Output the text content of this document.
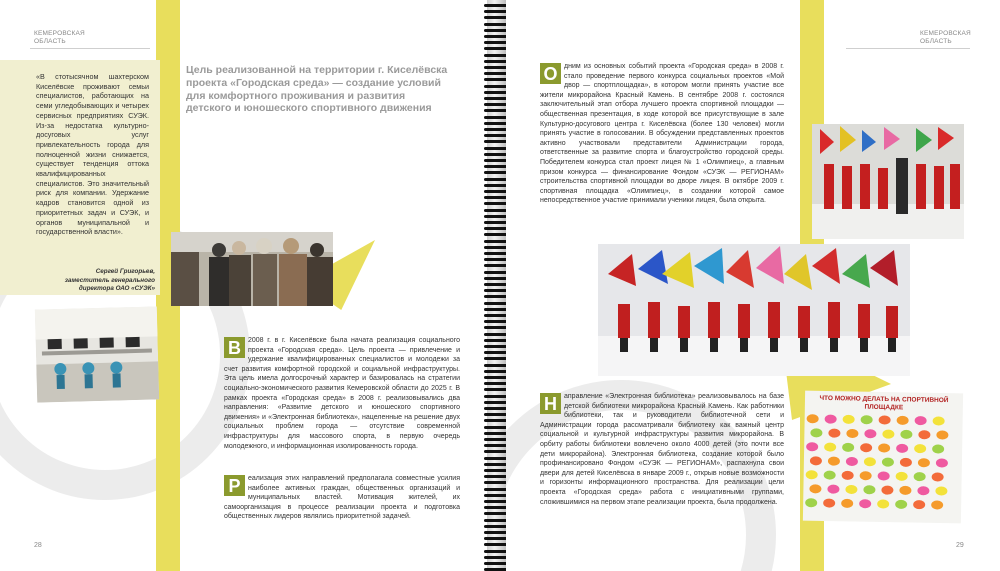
КЕМЕРОВСКАЯ
ОБЛАСТЬ
«В стотысячном шахтерском Киселёвске проживают семьи специалистов, работающих на семи угледобывающих и четырех сервисных предприятиях СУЭК. Из-за недостатка культурно-досуговых услуг привлекательность города для полноценной жизни снижается, существует тенденция оттока квалифицированных специалистов. Это значительный риск для компании. Удержание кадров становится одной из приоритетных задач и СУЭК, и органов муниципальной и государственной власти».
Сергей Григорьев,
заместитель генерального директора ОАО «СУЭК»
Цель реализованной на территории г. Киселёвска проекта «Городская среда» — создание условий для комфортного проживания и развития детского и юношеского спортивного движения
В	2008 г. в г. Киселёвске была начата реализация социального проекта «Городская среда». Цель проекта — привлечение и удержание квалифицированных специалистов и молодежи за счет развития комфортной городской и социальной инфраструктуры. Эта цель имела долгосрочный характер и базировалась на стратегии социально-экономического развития Кемеровской области до 2025 г. В рамках проекта «Городская среда» в 2008 г. реализовывались два направления: «Развитие детского и юношеского спортивного движения» и «Электронная библиотека», нацеленные на решение двух социальных проблем города — отсутствие современной инфраструктуры для массового спорта, в первую очередь молодежного, и информационная изолированность города.
Р	еализация этих направлений предполагала совместные усилия наиболее активных граждан, общественных организаций и муниципальных властей. Мотивация жителей, их самоорганизация в процессе реализации проекта и подготовка общественных лидеров являлись приоритетной задачей.
28
КЕМЕРОВСКАЯ
ОБЛАСТЬ
О дним из основных событий проекта «Городская среда» в 2008 г. стало проведение первого конкурса социальных проектов «Мой двор — спортплощадка», в котором могли принять участие все жители микрорайона Красный Камень. В сентябре 2008 г. состоялся заключительный этап отбора лучшего проекта спортивной площадки — общественная презентация, в ходе которой все присутствующие в зале Культурно-досугового центра г. Киселёвска (более 130 человек) могли принять участие в голосовании. В обсуждении представленных проектов активно участвовали представители Администрации города, ответственные за развитие спорта и благоустройство городской среды. Победителем конкурса стал проект лицея № 1 «Олимпиец», а главным призом конкурса — финансирование Фондом «СУЭК — РЕГИОНАМ» строительства спортивной площадки во дворе лицея. В октябре 2009 г. спортивная площадка «Олимпиец», в создании которой самое непосредственное участие принимали ученики лицея, была открыта.
Н	аправление «Электронная библиотека» реализовывалось на базе детской библиотеки микрорайона Красный Камень. Как работники библиотеки, так и руководители библиотечной сети и Администрации города рассматривали библиотеку как важный центр социальной и культурной инфраструктуры развития микрорайона. В орбиту работы библиотеки вовлечено около 4000 детей (это почти все дети микрорайона). Электронная библиотека, создание которой было профинансировано Фондом «СУЭК — РЕГИОНАМ», распахнула свои двери для детей Киселёвска в январе 2009 г., открыв новые возможности и горизонты информационного пространства. Для реализации цели проекта «Городская среда» работа с инициативными группами, сложившимися на первом этапе реализации проекта, была продолжена.
ЧТО МОЖНО ДЕЛАТЬ НА СПОРТИВНОЙ ПЛОЩАДКЕ
29
